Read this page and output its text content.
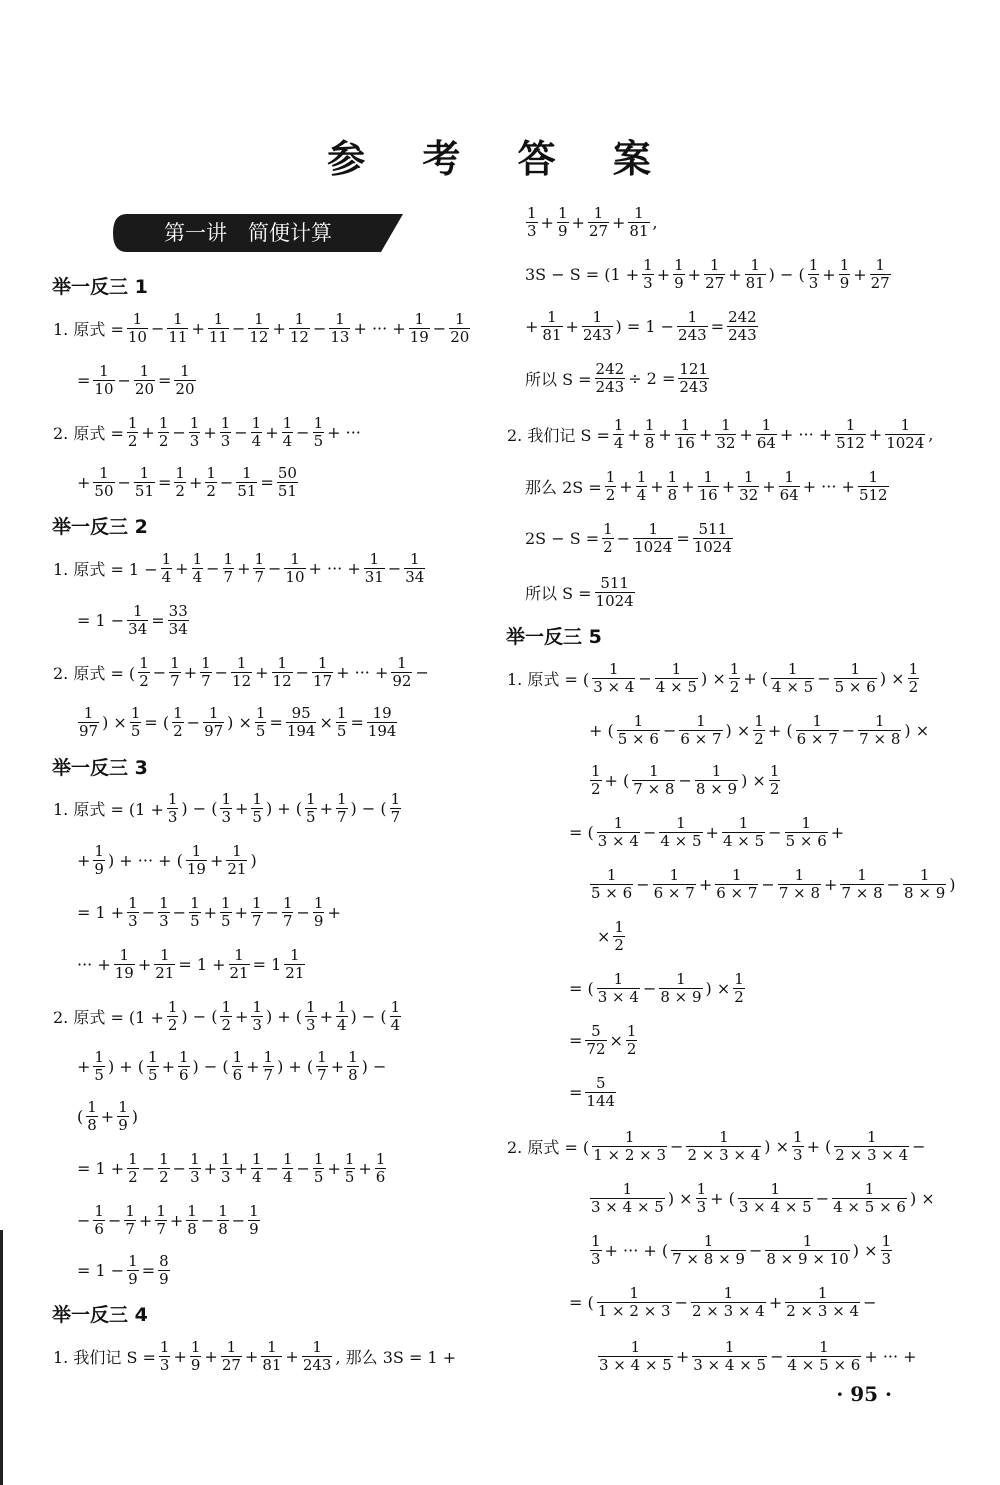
参 考 答 案
第一讲　简便计算
举一反三 1
举一反三 2
举一反三 3
举一反三 4
1. 原式 = $\frac{1}{10} - \frac{1}{11} + \frac{1}{11} - \frac{1}{12} + \frac{1}{12} - \frac{1}{13}$ + ··· + $\frac{1}{19} - \frac{1}{20}$
= $\frac{1}{10} - \frac{1}{20} = \frac{1}{20}$
2. 原式 = $\frac{1}{2} + \frac{1}{2} - \frac{1}{3} + \frac{1}{3} - \frac{1}{4} + \frac{1}{4} - \frac{1}{5}$ + ···
+ $\frac{1}{50} - \frac{1}{51} = \frac{1}{2} + \frac{1}{2} - \frac{1}{51} = \frac{50}{51}$
1. 原式 = $1 - \frac{1}{4} + \frac{1}{4} - \frac{1}{7} + \frac{1}{7} - \frac{1}{10}$ + ··· + $\frac{1}{31} - \frac{1}{34}$
= $1 - \frac{1}{34} = \frac{33}{34}$
2. 原式 = ( $\frac{1}{2} - \frac{1}{7} + \frac{1}{7} - \frac{1}{12} + \frac{1}{12} - \frac{1}{17}$ + ··· + $\frac{1}{92}$ −
$\frac{1}{97}$ ) × $\frac{1}{5}$ = ( $\frac{1}{2} - \frac{1}{97}$ ) × $\frac{1}{5} = \frac{95}{194} \times \frac{1}{5} = \frac{19}{194}$
1. 原式 = ($1 + \frac{1}{3}$ ) − ( $\frac{1}{3} + \frac{1}{5}$ ) + ( $\frac{1}{5} + \frac{1}{7}$ ) − ( $\frac{1}{7}$
+ $\frac{1}{9}$ ) + ··· + ( $\frac{1}{19} + \frac{1}{21}$ )
= $1 + \frac{1}{3} - \frac{1}{3} - \frac{1}{5} + \frac{1}{5} + \frac{1}{7} - \frac{1}{7} - \frac{1}{9}$ +
··· + $\frac{1}{19} + \frac{1}{21} = 1 + \frac{1}{21} = 1 \frac{1}{21}$
2. 原式 = ($1 + \frac{1}{2}$ ) − ( $\frac{1}{2} + \frac{1}{3}$ ) + ( $\frac{1}{3} + \frac{1}{4}$ ) − ( $\frac{1}{4}$
+ $\frac{1}{5}$ ) + ( $\frac{1}{5} + \frac{1}{6}$ ) − ( $\frac{1}{6} + \frac{1}{7}$ ) + ( $\frac{1}{7} + \frac{1}{8}$ ) −
( $\frac{1}{8} + \frac{1}{9}$ )
= $1 + \frac{1}{2} - \frac{1}{2} - \frac{1}{3} + \frac{1}{3} + \frac{1}{4} - \frac{1}{4} - \frac{1}{5} + \frac{1}{5} + \frac{1}{6}$
− $\frac{1}{6} - \frac{1}{7} + \frac{1}{7} + \frac{1}{8} - \frac{1}{8} - \frac{1}{9}$
= $1 - \frac{1}{9} = \frac{8}{9}$
1. 我们记 $S = \frac{1}{3} + \frac{1}{9} + \frac{1}{27} + \frac{1}{81} + \frac{1}{243}$ , 那么 3S = 1 +
举一反三 5
$\frac{1}{3} + \frac{1}{9} + \frac{1}{27} + \frac{1}{81}$ ,
$3S - S = (1 + \frac{1}{3} + \frac{1}{9} + \frac{1}{27} + \frac{1}{81}$ ) − ( $\frac{1}{3} + \frac{1}{9} + \frac{1}{27}$
+ $\frac{1}{81} + \frac{1}{243}$ ) = $1 - \frac{1}{243} = \frac{242}{243}$
所以 $S = \frac{242}{243} \div 2 = \frac{121}{243}$
2. 我们记 $S = \frac{1}{4} + \frac{1}{8} + \frac{1}{16} + \frac{1}{32} + \frac{1}{64}$ + ··· + $\frac{1}{512} + \frac{1}{1024}$ ,
那么 $2S = \frac{1}{2} + \frac{1}{4} + \frac{1}{8} + \frac{1}{16} + \frac{1}{32} + \frac{1}{64}$ + ··· + $\frac{1}{512}$
$2S - S = \frac{1}{2} - \frac{1}{1024} = \frac{511}{1024}$
所以 $S = \frac{511}{1024}$
1. 原式 = ( $\frac{1}{3 \times 4} - \frac{1}{4 \times 5}$ ) × $\frac{1}{2}$ + ( $\frac{1}{4 \times 5} - \frac{1}{5 \times 6}$ ) × $\frac{1}{2}$
+ ( $\frac{1}{5 \times 6} - \frac{1}{6 \times 7}$ ) × $\frac{1}{2}$ + ( $\frac{1}{6 \times 7} - \frac{1}{7 \times 8}$ ) ×
$\frac{1}{2}$ + ( $\frac{1}{7 \times 8} - \frac{1}{8 \times 9}$ ) × $\frac{1}{2}$
= ( $\frac{1}{3 \times 4} - \frac{1}{4 \times 5} + \frac{1}{4 \times 5} - \frac{1}{5 \times 6}$ +
$\frac{1}{5 \times 6} - \frac{1}{6 \times 7} + \frac{1}{6 \times 7} - \frac{1}{7 \times 8} + \frac{1}{7 \times 8} - \frac{1}{8 \times 9}$ )
× $\frac{1}{2}$
= ( $\frac{1}{3 \times 4} - \frac{1}{8 \times 9}$ ) × $\frac{1}{2}$
= $\frac{5}{72} \times \frac{1}{2}$
= $\frac{5}{144}$
2. 原式 = ( $\frac{1}{1 \times 2 \times 3} - \frac{1}{2 \times 3 \times 4}$ ) × $\frac{1}{3}$ + ( $\frac{1}{2 \times 3 \times 4}$ −
$\frac{1}{3 \times 4 \times 5}$ ) × $\frac{1}{3}$ + ( $\frac{1}{3 \times 4 \times 5} - \frac{1}{4 \times 5 \times 6}$ ) ×
$\frac{1}{3}$ + ··· + ( $\frac{1}{7 \times 8 \times 9} - \frac{1}{8 \times 9 \times 10}$ ) × $\frac{1}{3}$
= ( $\frac{1}{1 \times 2 \times 3} - \frac{1}{2 \times 3 \times 4} + \frac{1}{2 \times 3 \times 4}$ −
$\frac{1}{3 \times 4 \times 5} + \frac{1}{3 \times 4 \times 5} - \frac{1}{4 \times 5 \times 6}$ + ··· +
· 95 ·
